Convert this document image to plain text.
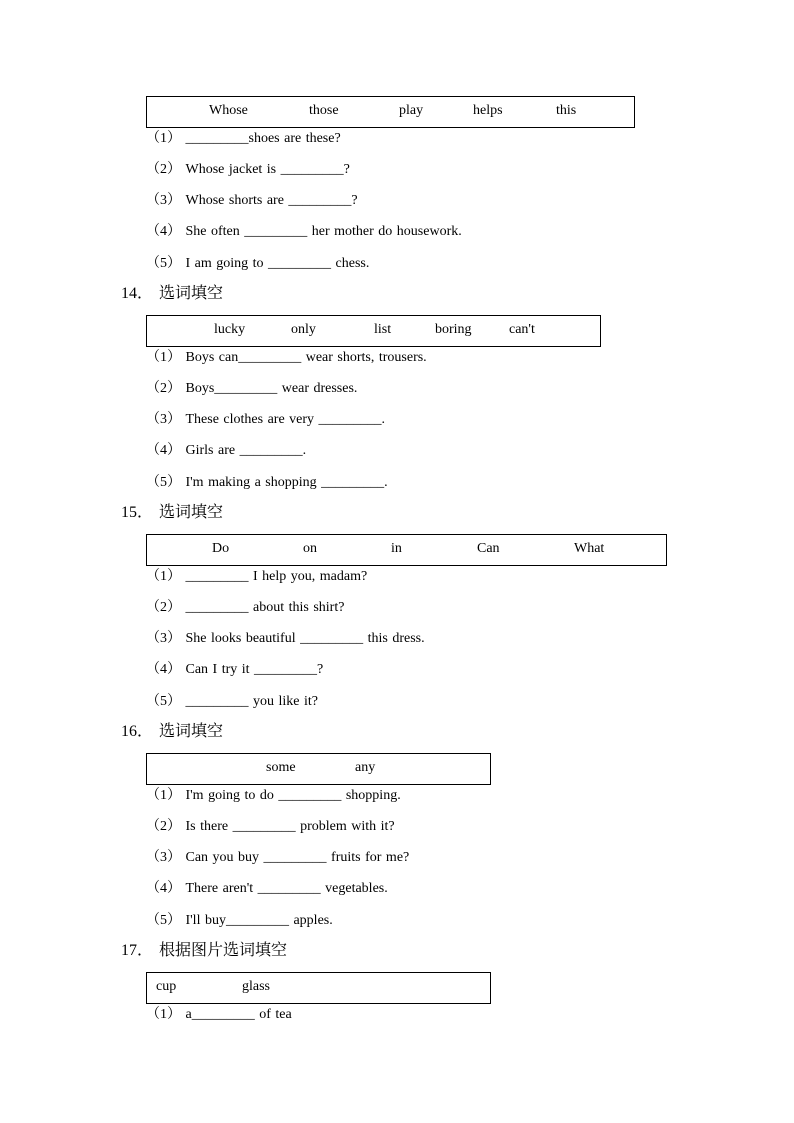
Whose	those	play	helps	this
（1） _________shoes are these?
（2） Whose jacket is _________?
（3） Whose shorts are _________?
（4） She often _________ her mother do housework.
（5） I am going to _________ chess.
14． 选词填空
lucky	only	list	boring	can't
（1） Boys can_________ wear shorts, trousers.
（2） Boys_________ wear dresses.
（3） These clothes are very _________.
（4） Girls are _________.
（5） I'm making a shopping _________.
15． 选词填空
Do	on	in	Can	What
（1） _________ I help you, madam?
（2） _________ about this shirt?
（3） She looks beautiful _________ this dress.
（4） Can I try it _________?
（5） _________ you like it?
16． 选词填空
some	any
（1） I'm going to do _________ shopping.
（2） Is there _________ problem with it?
（3） Can you buy _________ fruits for me?
（4） There aren't _________ vegetables.
（5） I'll buy_________ apples.
17． 根据图片选词填空
cup	glass
（1） a_________ of tea
